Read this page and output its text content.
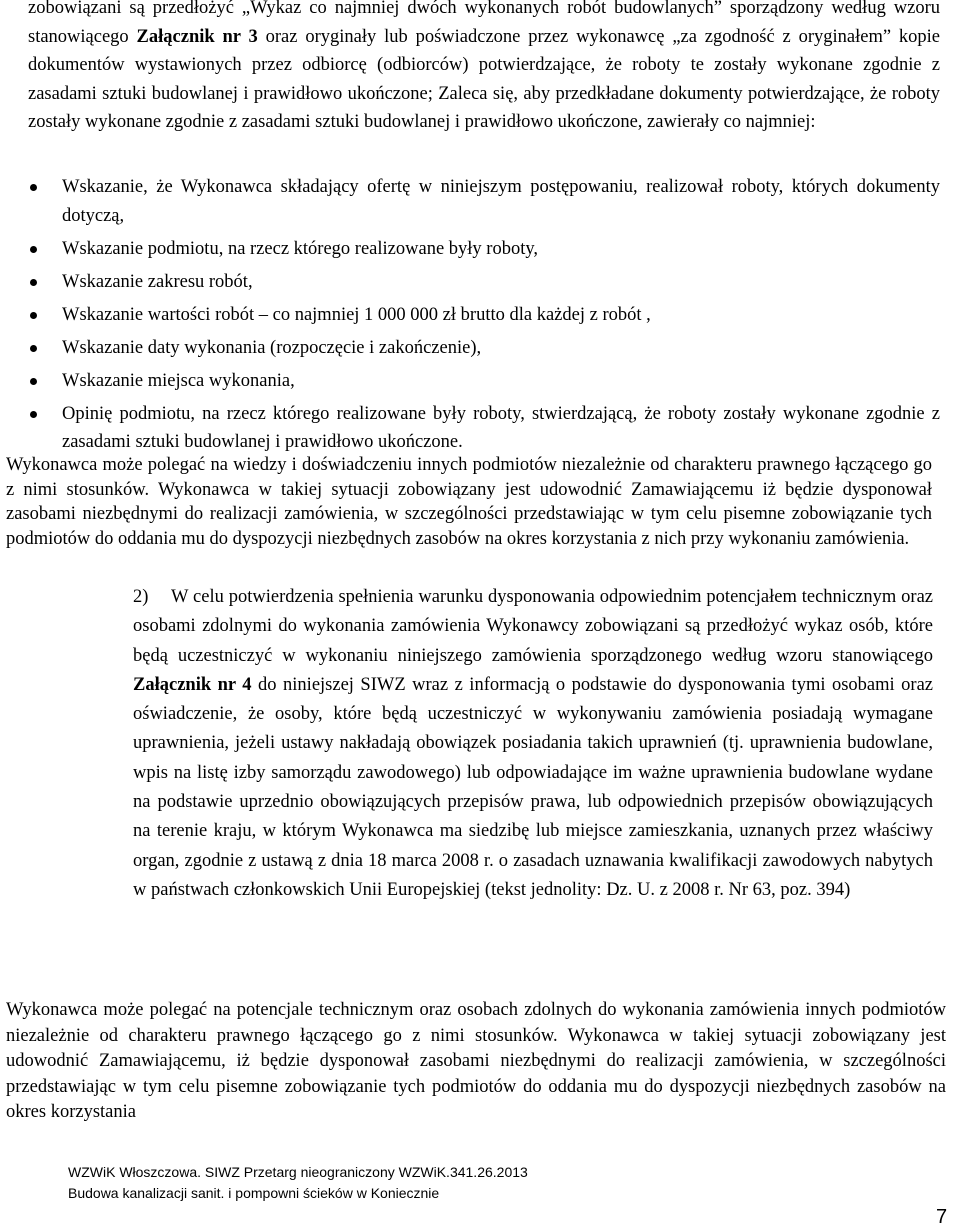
zobowiązani są przedłożyć „Wykaz co najmniej dwóch wykonanych robót budowlanych” sporządzony według wzoru stanowiącego Załącznik nr 3 oraz oryginały lub poświadczone przez wykonawcę „za zgodność z oryginałem” kopie dokumentów wystawionych przez odbiorcę (odbiorców) potwierdzające, że roboty te zostały wykonane zgodnie z zasadami sztuki budowlanej i prawidłowo ukończone; Zaleca się, aby przedkładane dokumenty potwierdzające, że roboty zostały wykonane zgodnie z zasadami sztuki budowlanej i prawidłowo ukończone, zawierały co najmniej:

Wskazanie, że Wykonawca składający ofertę w niniejszym postępowaniu, realizował roboty, których dokumenty dotyczą,
Wskazanie podmiotu, na rzecz którego realizowane były roboty,
Wskazanie zakresu robót,
Wskazanie wartości robót – co najmniej 1 000 000 zł brutto dla każdej z robót ,
Wskazanie daty wykonania (rozpoczęcie i zakończenie),
Wskazanie miejsca wykonania,
Opinię podmiotu, na rzecz którego realizowane były roboty, stwierdzającą, że roboty zostały wykonane zgodnie z zasadami sztuki budowlanej i prawidłowo ukończone.

Wykonawca może polegać na wiedzy i doświadczeniu innych podmiotów niezależnie od charakteru prawnego łączącego go z nimi stosunków. Wykonawca w takiej sytuacji zobowiązany jest udowodnić Zamawiającemu iż będzie dysponował zasobami niezbędnymi do realizacji zamówienia, w szczególności przedstawiając w tym celu pisemne zobowiązanie tych podmiotów do oddania mu do dyspozycji niezbędnych zasobów na okres korzystania z nich przy wykonaniu zamówienia.

2)	W celu potwierdzenia spełnienia warunku dysponowania odpowiednim potencjałem technicznym oraz osobami zdolnymi do wykonania zamówienia Wykonawcy zobowiązani są przedłożyć wykaz osób, które będą uczestniczyć w wykonaniu niniejszego zamówienia sporządzonego według wzoru stanowiącego Załącznik nr 4 do niniejszej SIWZ wraz z informacją o podstawie do dysponowania tymi osobami oraz oświadczenie, że osoby, które będą uczestniczyć w wykonywaniu zamówienia posiadają wymagane uprawnienia, jeżeli ustawy nakładają obowiązek posiadania takich uprawnień (tj. uprawnienia budowlane, wpis na listę izby samorządu zawodowego) lub odpowiadające im ważne uprawnienia budowlane wydane na podstawie uprzednio obowiązujących przepisów prawa, lub odpowiednich przepisów obowiązujących na terenie kraju, w którym Wykonawca ma siedzibę lub miejsce zamieszkania, uznanych przez właściwy organ, zgodnie z ustawą z dnia 18 marca 2008 r. o zasadach uznawania kwalifikacji zawodowych nabytych w państwach członkowskich Unii Europejskiej (tekst jednolity: Dz. U. z 2008 r. Nr 63, poz. 394)

Wykonawca może polegać na potencjale technicznym oraz osobach zdolnych do wykonania zamówienia innych podmiotów niezależnie od charakteru prawnego łączącego go z nimi stosunków. Wykonawca w takiej sytuacji zobowiązany jest udowodnić Zamawiającemu, iż będzie dysponował zasobami niezbędnymi do realizacji zamówienia, w szczególności przedstawiając w tym celu pisemne zobowiązanie tych podmiotów do oddania mu do dyspozycji niezbędnych zasobów na okres korzystania

WZWiK Włoszczowa. SIWZ Przetarg nieograniczony WZWiK.341.26.2013
Budowa kanalizacji sanit. i pompowni ścieków w Koniecznie
7
